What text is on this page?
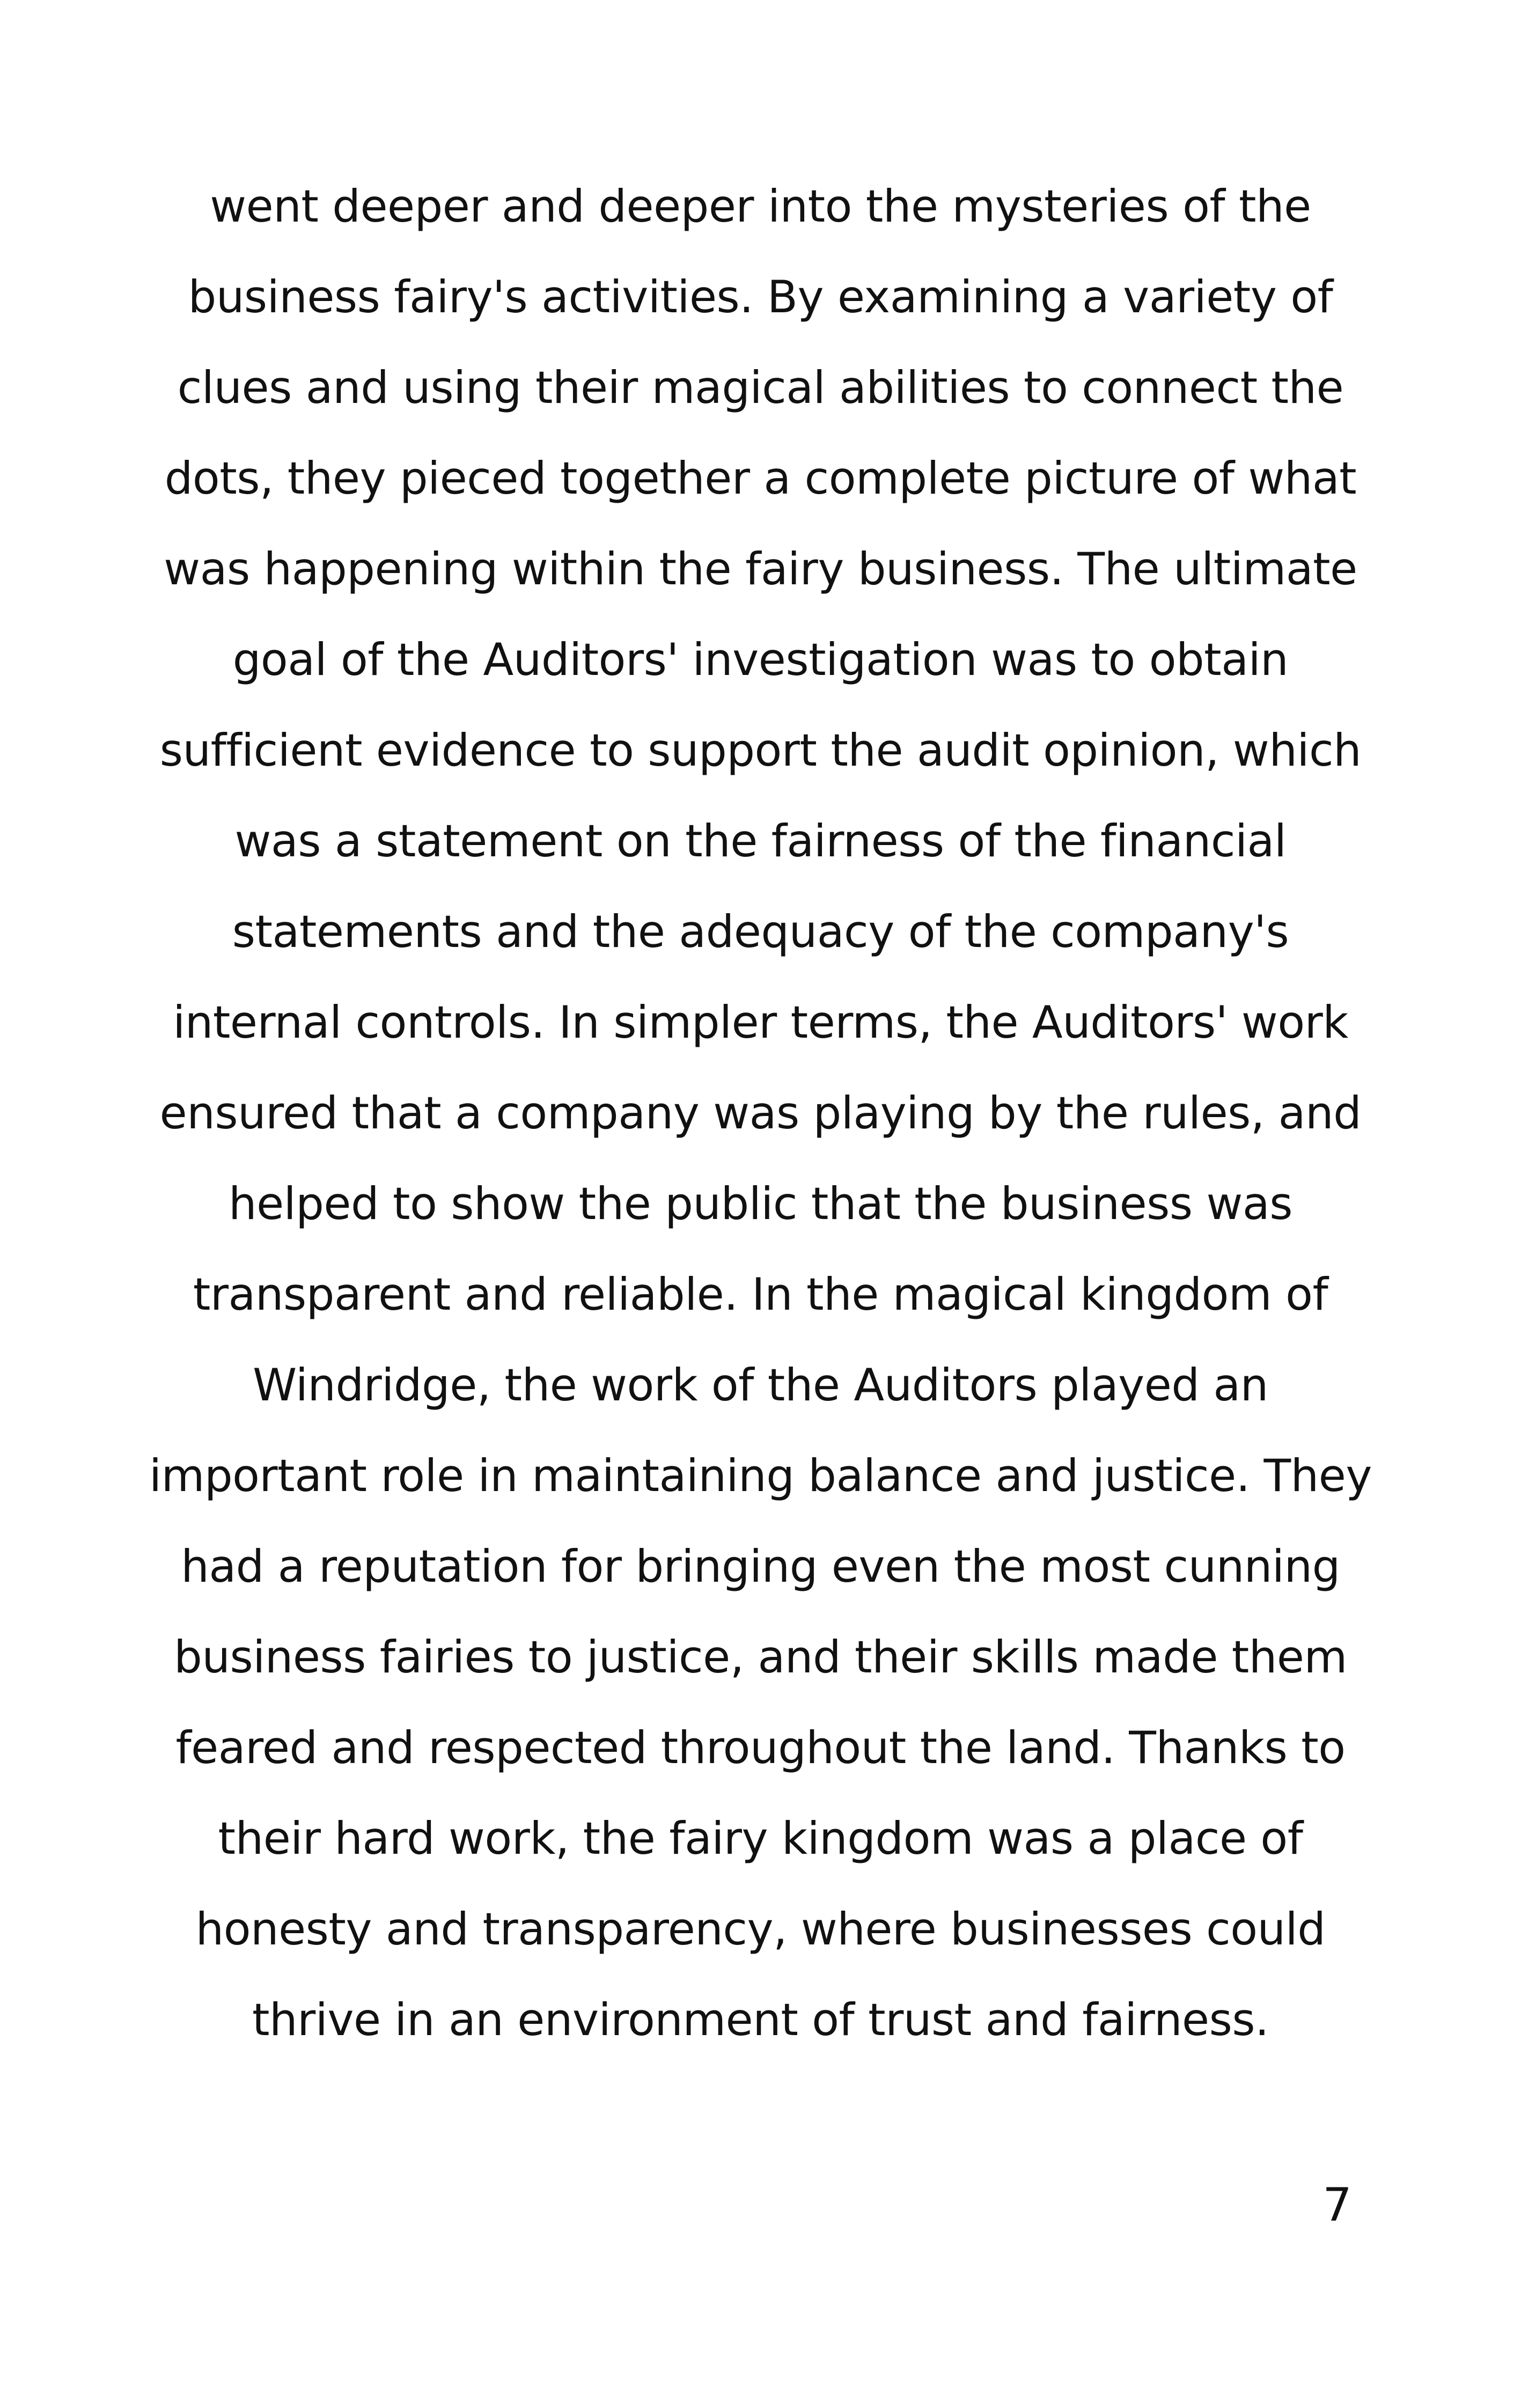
went deeper and deeper into the mysteries of the
business fairy's activities. By examining a variety of
clues and using their magical abilities to connect the
dots, they pieced together a complete picture of what
was happening within the fairy business. The ultimate
goal of the Auditors' investigation was to obtain
sufficient evidence to support the audit opinion, which
was a statement on the fairness of the financial
statements and the adequacy of the company's
internal controls. In simpler terms, the Auditors' work
ensured that a company was playing by the rules, and
helped to show the public that the business was
transparent and reliable. In the magical kingdom of
Windridge, the work of the Auditors played an
important role in maintaining balance and justice. They
had a reputation for bringing even the most cunning
business fairies to justice, and their skills made them
feared and respected throughout the land. Thanks to
their hard work, the fairy kingdom was a place of
honesty and transparency, where businesses could
thrive in an environment of trust and fairness.
7
